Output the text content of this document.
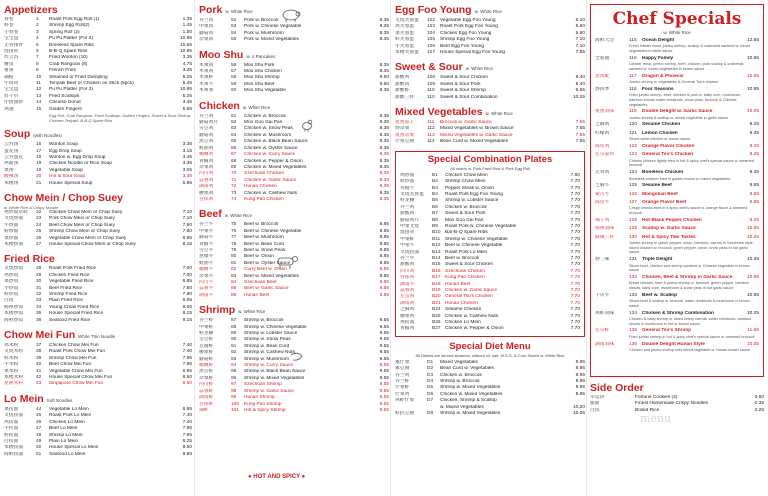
Appetizers
春卷	1	Roast Pork Egg Roll (1)	1.35
虾卷	2	Shrimp Egg Roll(2)	1.45
小春卷	3	Spring Roll (2)	1.50
宝宝盘	4	Pu Pu Platter (For 2)	10.95
无骨排骨	5	Boneless Spare Ribs	10.55
烧排骨	6	B-B-Q Spare Ribs	10.95
炸云吞	7	Fried Wonton (10)	3.35
蟹角	8	Crab Rangoon (8)	4.75
薯条	9	French Fries	3.35
锅贴	10	Steamed or Fried Dumpling	5.25
牛肉串	11	Teriyaki Beef or Chicken on Stick (5pcs)	5.45
宝宝盘	12	Pu Pu Platter (For 2)	10.95
炸干贝	13	Fried Scallops	5.25
中国甜饼	14	Chinese Donut	3.45
鸡翅	15	Golden Fingers	5.65
Egg Roll, Crab Rangoon, Fried Scallops, Golden Fingers, Sweet & Sour Shrimp, Chicken Teriyaki, B-B-Q Spare Ribs
Soup (with Noodles)
云吞汤	16	Wonton Soup	3.35
蛋花汤	17	Egg Drop Soup	3.15
云吞蛋花	18	Wonton w. Egg Drop Soup	3.45
鸡面汤	19	Chicken Noodle or Rice Soup	3.35
菜汤	19	Vegetable Soup	3.05
酸辣汤	20	Hot & Sour Soup	3.35
本楼汤	21	House Special Soup	5.95
Chow Mein / Chop Suey
w. White Rice & Crispy Noodle
鸡炒面杂碎	22	Chicken Chow Mein or Chop Suey	7.10
叉烧炒面	23	Pork Chow Mein or Chop Suey	7.10
牛炒面	24	Beef Chow Mein or Chop Suey	7.60
虾炒面	25	Shrimp Chow Mein or Chop Suey	7.80
菜炒面	26	Vegetable Chow Mein or Chop Suey	6.95
本楼炒面	27	House Special Chow Mein or Chop Suey	8.15
Fried Rice
叉烧炒饭	28	Roast Pork Fried Rice	7.00
鸡炒饭	29	Chicken Fried Rice	7.00
菜炒饭	30	Vegetable Fried Rice	6.85
牛炒饭	31	Beef Fried Rice	7.60
虾炒饭	32	Shrimp Fried Rice	7.80
白饭	33	Plain Fried Rice	6.05
杨州炒饭	34	Young Chow Fried Rice	8.00
本楼炒饭	35	House Special Fried Rice	8.15
海鲜炒饭	36	Seafood Fried Rice	9.15
Chow Mei Fun White Thin Noodle
鸡米粉	37	Chicken Chow Mei Fun	7.40
叉烧米粉	38	Roast Pork Chow Mei Fun	7.40
虾米粉	39	Shrimp Chow Mei Fun	7.95
牛米粉	40	Beef Chow Mei Fun	7.95
菜米粉	41	Vegetable Chow Mei Fun	6.95
本楼米粉	42	House Special Chow Mei Fun	8.50
星洲米粉	43	Singapore Chow Mei Fun	8.50
Lo Mein Soft Noodles
菜捞面	44	Vegetable Lo Mein	6.95
叉烧捞面	45	Roast Pork Lo Mein	7.40
鸡捞面	46	Chicken Lo Mein	7.40
牛捞面	47	Beef Lo Mein	7.95
虾捞面	48	Shrimp Lo Mein	7.95
白捞面	49	Plain Lo Mein	6.25
本楼捞面	50	House Special Lo Mein	8.50
海鲜捞面	51	Seafood Lo Mein	9.95
Pork w. White Rice
芥兰肉	52	Pork w. Broccoli	8.35
中菜肉	53	Pork w. Chinese Vegetable	8.35
蘑菇肉	54	Pork w. Mushroom	8.35
杂菜肉	55	Pork w. Mixed Vegetables	8.35
Moo Shu w. 4 Pancakes
木须肉	56	Moo Shu Pork	8.35
木须鸡	57	Moo Shu Chicken	8.35
木须虾	58	Moo Shu Shrimp	9.60
木须牛	59	Moo Shu Beef	9.60
木须菜	60	Moo Shu Vegetable	8.35
Chicken w. White Rice
芥兰鸡	61	Chicken w. Broccoli	8.35
蘑菇鸡片	62	Moo Goo Gai Pan	8.35
雪豆鸡	63	Chicken w. Snow Peas	8.35
蘑菇鸡	64	Chicken w. Mushroom	8.35
黑豆鸡	65	Chicken w. Black Bean Sauce	8.35
蚝油鸡	66	Chicken w. Oyster Sauce	8.35
咖喱鸡	67	Chicken w. Curry Sauce	8.35
青椒鸡	68	Chicken w. Pepper & Onion	8.35
杂菜鸡	69	Chicken w. Mixed Vegetables	8.35
四川鸡	70	Szechuan Chicken	8.35
蒜蓉鸡	71	Chicken w. Garlic Sauce	8.35
湖南鸡	72	Hunan Chicken	8.35
腰果鸡	73	Chicken w. Cashew Nuts	8.35
宫保鸡	74	Kung Pao Chicken	8.35
Beef w. White Rice
芥兰牛	75	Beef w. Broccoli	8.85
中菜牛	76	Beef w. Chinese Vegetable	8.85
蘑菇牛	77	Beef w. Mushroom	8.85
青椒牛	78	Beef w. Bean Curd	8.85
雪豆牛	79	Beef w. Snow Peas	8.85
葱爆牛	80	Beef w. Onion	8.85
蚝油牛	81	Beef w. Oyster Sauce	8.85
咖喱牛	82	Curry Beef w. Onion	8.85
杂菜牛	83	Beef w. Mixed Vegetables	8.85
四川牛	84	Szechuan Beef	8.85
蒜蓉牛	85	Beef w. Garlic Sauce	8.85
湖南牛	86	Hunan Beef	8.85
Shrimp w. White Rice
芥兰虾	87	Shrimp w. Broccoli	9.55
中菜虾	88	Shrimp w. Chinese Vegetable	9.55
虾龙糊	89	Shrimp w. Lobster Sauce	9.55
雪豆虾	90	Shrimp w. Snow Peas	9.55
豆腐虾	91	Shrimp w. Bean Curd	9.55
腰果虾	92	Shrimp w. Cashew Nuts	9.55
蘑菇虾	93	Shrimp w. Mushroom	9.55
咖喱虾	94	Shrimp w. Curry Sauce	9.55
黑豆虾	95	Shrimp w. Black Bean Sauce	9.55
杂菜虾	96	Shrimp w. Mixed Vegetables	9.55
四川虾	97	Szechuan Shrimp	9.55
蒜蓉虾	98	Shrimp w. Garlic Sauce	9.55
湖南虾	99	Hunan Shrimp	9.55
宫保虾	100	Kung Pao Shrimp	9.55
辣虾	101	Hot & Spicy Shrimp	9.55
Egg Foo Young w. White Rice
叉烧芙蓉蛋	102	Vegetable Egg Foo Young	6.10
鸡芙蓉蛋	103	Roast Pork Egg Foo Young	6.60
菜芙蓉蛋	104	Chicken Egg Foo Young	6.60
虾芙蓉蛋	105	Shrimp Egg Foo Young	7.10
牛芙蓉蛋	106	Beef Egg Foo Young	7.10
本楼芙蓉蛋	107	House Special Egg Foo Young	7.55
Sweet & Sour w. White Rice
甜酸鸡	108	Sweet & Sour Chicken	8.40
甜酸肉	109	Sweet & Sour Pork	8.40
甜酸虾	110	Sweet & Sour Shrimp	9.55
甜酸三样	110	Sweet & Sour Combination	10.25
Mixed Vegetables w. White Rice
鱼香茄子	111	Broccoli w. Garlic Sauce	7.55
炒杂菜	112	Mixed Vegetables w. Brown Sauce	7.55
鱼香杂菜	113	Mixed Vegetables w. Garlic Sauce	7.55
什菜豆腐	114	Bean Curd w. Mixed Vegetables	7.55
Special Combination Plates
All orders w. Pork Fried Rice & Pork Egg Roll
鸡炒面	B1	Chicken Chow Mein	7.60
虾炒面	B2	Shrimp Chow Mein	7.70
青椒牛	B3	Pepper Steak w. Onion	7.70
叉烧芙蓉蛋	B4	Roast Pork Egg Foo Young	7.70
虾龙糊	B5	Shrimp w. Lobster Sauce	7.70
芥兰鸡	B6	Chicken w. Broccoli	7.70
甜酸肉	B7	Sweet & Sour Pork	7.70
蘑菇鸡片	B8	Moo Goo Gai Pan	7.70
中菜叉烧	B9	Roast Pork w. Chinese Vegetable	7.70
烧排骨	B10 Bar-B-Q Spare Ribs	7.70
中菜虾	B11	Shrimp w. Chinese Vegetable	7.70
中菜牛	B12 Beef w. Chinese Vegetable	7.70
叉烧捞面	B13 Roast Pork Lo Mein	7.70
芥兰牛	B14 Beef w. Broccoli	7.70
甜酸鸡	B15 Sweet & Sour Chicken	7.70
四川鸡	B16 Szechuan Chicken	7.70
宫保鸡	B17 Kung Pao Chicken	7.70
湖南牛	B18 Hunan Beef	7.70
蒜蓉鸡	B19 Chicken w. Garlic Sauce	7.70
左宗鸡	B20 General Tso's Chicken	7.70
湖南鸡	B21 Hunan Chicken	7.70
芝麻鸡	B24 Sesame Chicken	7.70
腰果鸡	B25 Chicken w. Cashew Nuts	7.70
鸡捞面	B26 Chicken Lo Mein	7.70
青椒鸡	B27 Chicken w. Pepper & Onion	7.70
Special Diet Menu
All Dishes are served steamed, without oil, salt, M.S.G. & Corn Starch w. White Rice
素什菜	D1	Mixed Vegetables	8.95
素豆腐	D2	Bean Curd w. Vegetables	8.95
芥兰鸡	D3	Chicken w. Broccoli	8.95
芥兰虾	D4	Shrimp w. Broccoli	9.95
什菜虾	D5	Shrimp w. Mixed Vegetables	9.95
什菜鸡	D6	Chicken w. Mixed Vegetables	8.95
鸡虾什菜	D7	Chicken, Shrimp & Scallop
w. Mixed Vegetables	10.20
虾扒豆腐	D8	Shrimp w. Mixed Vegetables	10.05
Chef Specials
w. White Rice
海鲜大会	115	Ocean Delight	12.65
Fresh lobster meat, jumbo shrimp, scallop & crabmeat sauteed w. mixed vegetables in white sauce
全家福	116	Happy Family	10.95
Lobster meat, jumbo shrimp, beef, chicken, pork scallop & crabmeat sauteed w. mixed vegetables in brown sauce
龙凤配	117	Dragon & Phoenix	10.95
Jumbo shrimp w. vegetables & General Tso's chicken
炒四季	118	Four Seasons	10.95
Fried jumbo shrimp, beef, chicken & pork w. baby corn, mushroom, bamboo shoots water chestnuts, snow peas, broccoli & Chinese vegetables
鱼香双味	119	Double Delight w. Garlic Sauce	10.05
Jumbo shrimp & scallop w. mixed vegetable in garlic sauce
芝麻鸡	120	Sesame Chicken	9.25
柠檬鸡	121	Lemon Chicken	9.35
Sliced white chicken w. lemon sauce
陈皮鸡	122	Orange Flavor Chicken	9.25
左宗棠鸡	123	General Tso's Chicken	9.25
Chunks chicken lightly fried in hot & spicy chef's special sauce w. steamed broccoli
无骨鸡	124	Boneless Chicken	9.35
Boneless chicken fried in golden brown w. mixed vegetables
芝麻牛	125	Sesame Beef	9.65
蒙古牛	126	Mongolian Beef	9.65
陈皮牛	127	Orange Flavor Beef	9.85
Crispy chunks beef in a spicy chef's sauce w. orange flavor & steamed broccoli
辣子鸡	128	Hot Black Pepper Chicken	9.25
扬州双味	129	Scallop w. Garlic Sauce	10.55
麻辣三样	130	Hot & Spicy Two Tastes	10.25
Jumbo shrimp w. green pepper, onion, bamboo, carrots in Szechuan style, sliced chicken w. broccoli, green pepper, onion, snow peas in hot garlic sauce
炒三味	131	Triple Delight	10.35
Sliced beef, chicken and shrimp sauteed w. Chinese vegetable in brown sauce
132	Chicken, Beef & Shrimp in Garlic Sauce	10.55
Bread chicken, beef & jumbo shrimp w. broccoli, green pepper, bamboo shoots, baby corn, mushroom & snow peas in hot garlic sauce
干贝牛	133	Beef w. Scallop	10.95
Sliced beef & scallop w. broccoli, water chestnuts & mushroom in brown sauce
鸡虾双味	134	Chicken & Shrimp Combination	10.25
Chicken & baby shrimp w. diced celery carrots, water chestnuts, bamboo shoots & mushroom in hot or brown sauce
左宗虾	135	General Tso's Shrimp	11.65
Fried jumbo shrimp in hot & spicy chef's special sauce w. steamed broccoli
湖南双味	136	Double Delight Hunan Style	10.05
Chicken and jumbo shrimp with mixed vegetable w. Hunan brown sauce
Side Order
幸运饼	Fortune Cookies (4)	0.50
脆面	Finest Homemade Crispy Noodles	0.35
白饭	Boiled Rice	2.25
● HOT AND SPICY ●
menu
